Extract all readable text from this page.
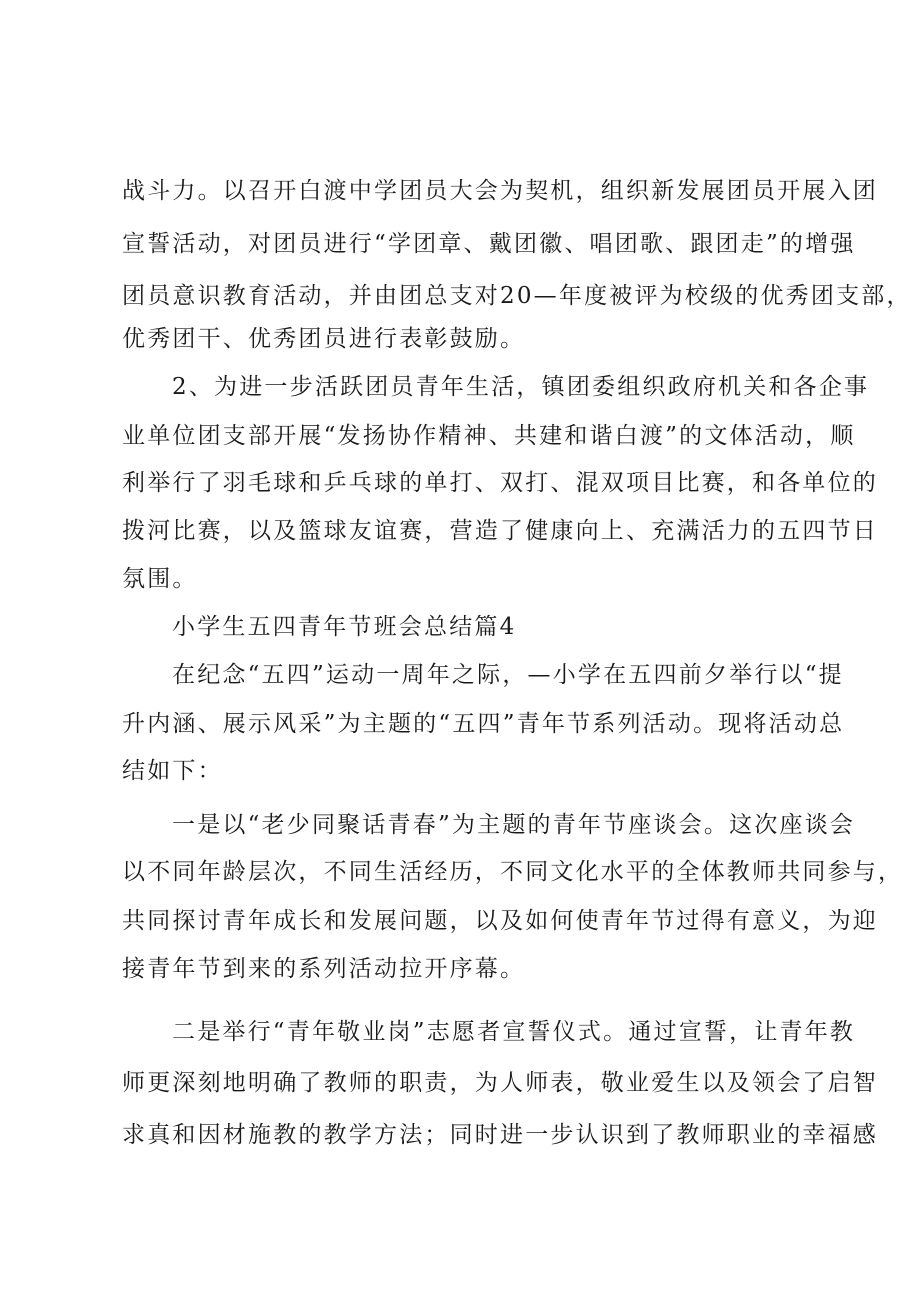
战斗力。以召开白渡中学团员大会为契机，组织新发展团员开展入团
宣誓活动，对团员进行“学团章、戴团徽、唱团歌、跟团走”的增强
团员意识教育活动，并由团总支对20—年度被评为校级的优秀团支部，
优秀团干、优秀团员进行表彰鼓励。
2、为进一步活跃团员青年生活，镇团委组织政府机关和各企事
业单位团支部开展“发扬协作精神、共建和谐白渡”的文体活动，顺
利举行了羽毛球和乒乓球的单打、双打、混双项目比赛，和各单位的
拨河比赛，以及篮球友谊赛，营造了健康向上、充满活力的五四节日
氛围。
小学生五四青年节班会总结篇4
在纪念“五四”运动一周年之际，—小学在五四前夕举行以“提
升内涵、展示风采”为主题的“五四”青年节系列活动。现将活动总
结如下：
一是以“老少同聚话青春”为主题的青年节座谈会。这次座谈会
以不同年龄层次，不同生活经历，不同文化水平的全体教师共同参与，
共同探讨青年成长和发展问题，以及如何使青年节过得有意义，为迎
接青年节到来的系列活动拉开序幕。
二是举行“青年敬业岗”志愿者宣誓仪式。通过宣誓，让青年教
师更深刻地明确了教师的职责，为人师表，敬业爱生以及领会了启智
求真和因材施教的教学方法；同时进一步认识到了教师职业的幸福感
